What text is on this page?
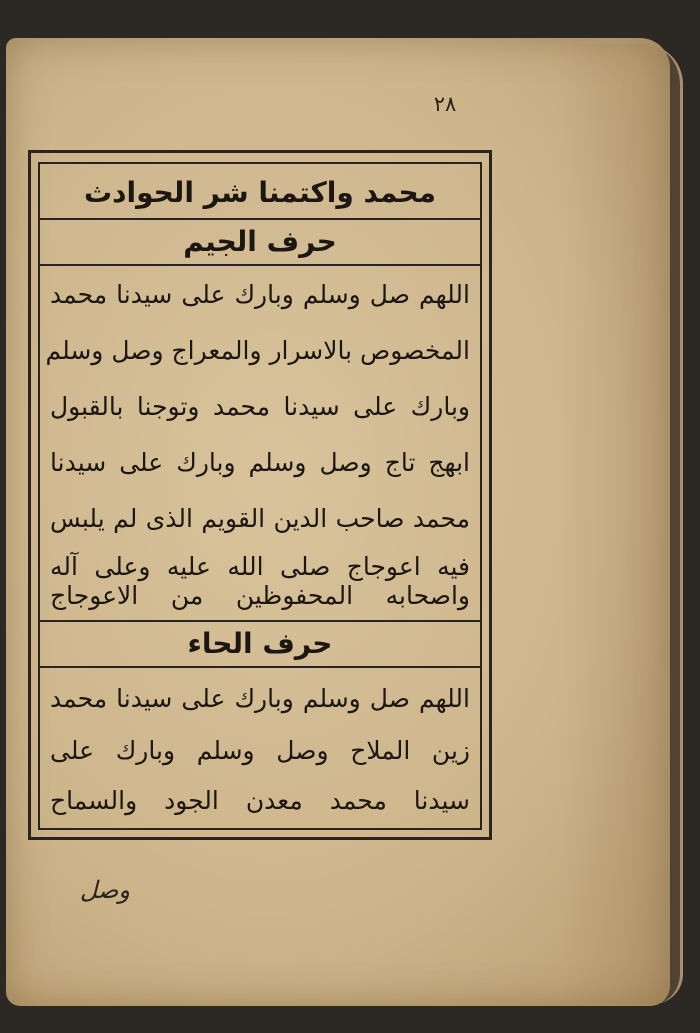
٢٨
محمد واكتمنا شر الحوادث
حرف الجيم
اللهم صل وسلم وبارك على سيدنا محمد
المخصوص بالاسرار والمعراج وصل وسلم
وبارك على سيدنا محمد وتوجنا بالقبول
ابهج تاج وصل وسلم وبارك على سيدنا
محمد صاحب الدين القويم الذى لم يلبس
فيه اعوجاج صلى الله عليه وعلى آله
واصحابه المحفوظين من الاعوجاج
حرف الحاء
اللهم صل وسلم وبارك على سيدنا محمد
زين الملاح وصل وسلم وبارك على
سيدنا محمد معدن الجود والسماح
وصل
